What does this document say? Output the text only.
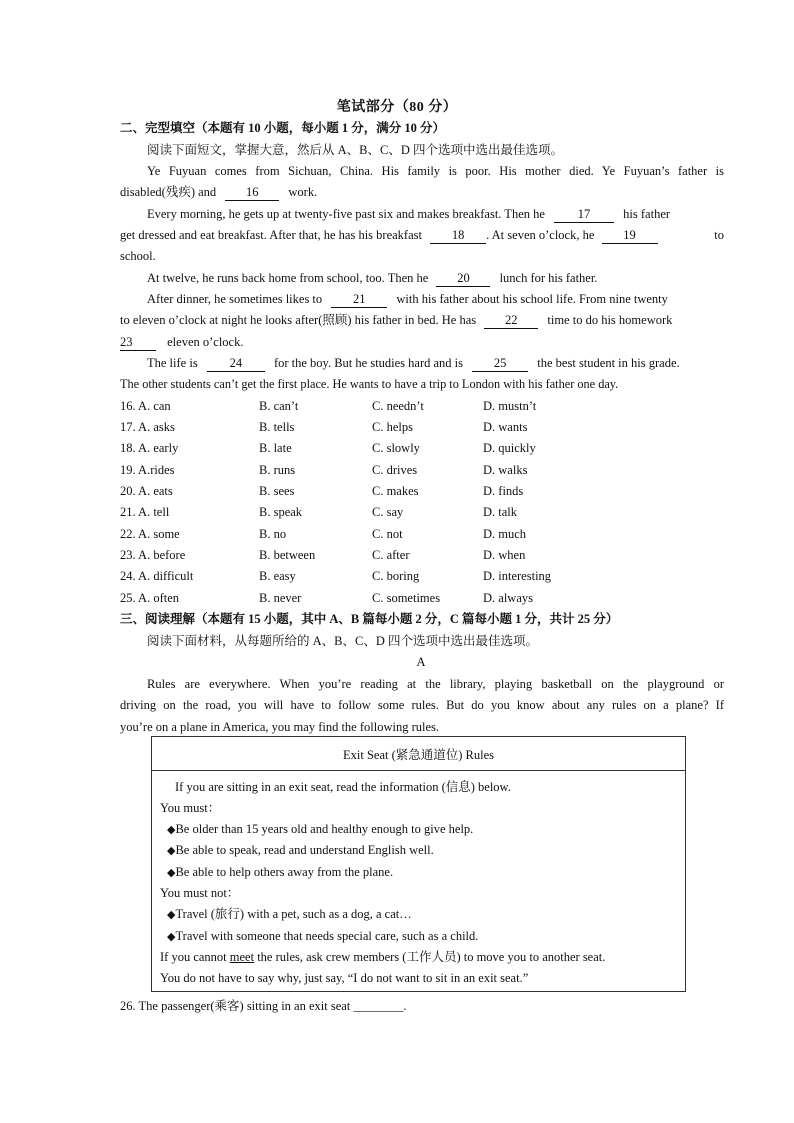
笔试部分（80 分）
二、完型填空（本题有 10 小题，每小题 1 分，满分 10 分）
阅读下面短文，掌握大意，然后从 A、B、C、D 四个选项中选出最佳选项。
Ye Fuyuan comes from Sichuan, China. His family is poor. His mother died. Ye Fuyuan’s father is
disabled(残疾) and 16 work.
Every morning, he gets up at twenty-five past six and makes breakfast. Then he	17	his father
get dressed and eat breakfast. After that, he has his breakfast 18 . At seven o’clock, he 19	to
school.
At twelve, he runs back home from school, too. Then he 20 lunch for his father.
After dinner, he sometimes likes to 21 with his father about his school life. From nine twenty
to eleven o’clock at night he looks after(照顾) his father in bed. He has 22 time to do his homework
23	eleven o’clock.
The life is	24	for the boy. But he studies hard and is 25 the best student in his grade.
The other students can’t get the first place. He wants to have a trip to London with his father one day.
16. A. can	B. can’t	C. needn’t	D. mustn’t
17. A. asks	B. tells	C. helps	D. wants
18. A. early	B. late	C. slowly	D. quickly
19. A.rides	B. runs	C. drives	D. walks
20. A. eats	B. sees	C. makes	D. finds
21. A. tell	B. speak	C. say	D. talk
22. A. some	B. no	C. not	D. much
23. A. before	B. between	C. after	D. when
24. A. difficult	B. easy	C. boring	D. interesting
25. A. often	B. never	C. sometimes	D. always
三、阅读理解（本题有 15 小题，其中 A、B 篇每小题 2 分，C 篇每小题 1 分，共计 25 分）
阅读下面材料，从每题所给的 A、B、C、D 四个选项中选出最佳选项。
A
Rules are everywhere. When you’re reading at the library, playing basketball on the playground or
driving on the road, you will have to follow some rules. But do you know about any rules on a plane? If
you’re on a plane in America, you may find the following rules.
Exit Seat (紧急通道位) Rules
If you are sitting in an exit seat, read the information (信息) below.
You must：
◆Be older than 15 years old and healthy enough to give help.
◆Be able to speak, read and understand English well.
◆Be able to help others away from the plane.
You must not：
◆Travel (旅行) with a pet, such as a dog, a cat…
◆Travel with someone that needs special care, such as a child.
If you cannot meet the rules, ask crew members (工作人员) to move you to another seat.
You do not have to say why, just say, “I do not want to sit in an exit seat.”
26. The passenger(乘客) sitting in an exit seat ________.
